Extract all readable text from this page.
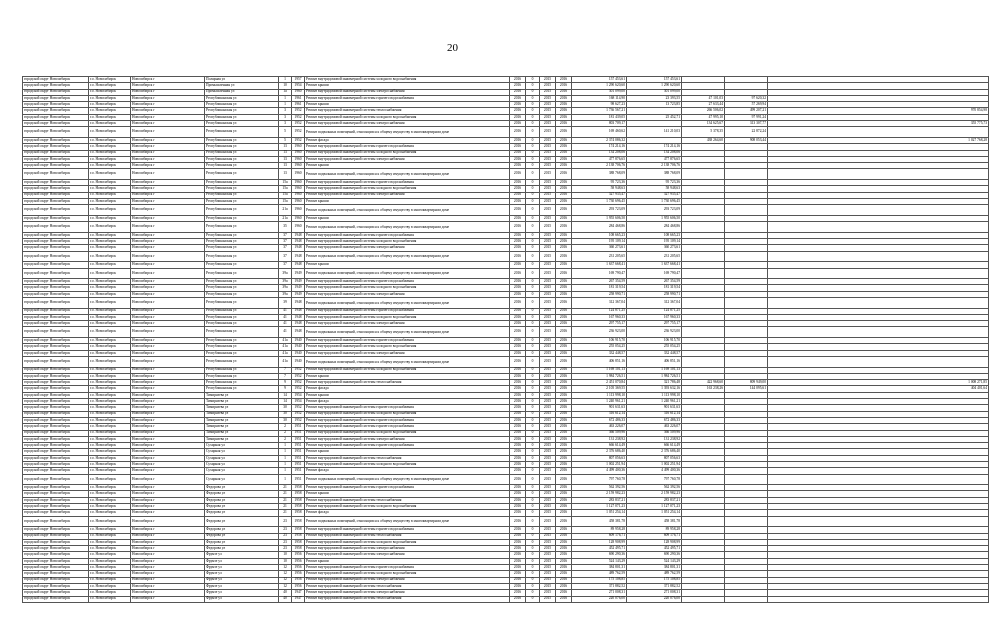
20
городской округ Новосибирск	г.о. Новосибирск	Новосибирск г	Полярная ул	1	1957	Ремонт внутридомовой инженерной системы холодного водоснабжения	2016	0	2015	2016	157 453,61	157 453,61			
городской округ Новосибирск	г.о. Новосибирск	Новосибирск г	Промышленная ул	10	1954	Ремонт крыши	2016	0	2015	2016	1 290 620,60	1 290 620,60			
городской округ Новосибирск	г.о. Новосибирск	Новосибирск г	Промышленная ул	1а	1960	Ремонт внутридомовой инженерной системы электроснабжения	2016	0	2015	2016	301 099,00	301 099,00			
городской округ Новосибирск	г.о. Новосибирск	Новосибирск г	Республиканская ул	1	1961	Ремонт внутридомовой инженерной системы горячего водоснабжения	2016	0	2015	2016	168 114,90	23 393,55	47 101,03	97 620,32	
городской округ Новосибирск	г.о. Новосибирск	Новосибирск г	Республиканская ул	1	1961	Ремонт крыши	2016	0	2015	2016	98 627,23	13 723,85	27 633,44	57 269,94	
городской округ Новосибирск	г.о. Новосибирск	Новосибирск г	Республиканская ул	3	1952	Ремонт внутридомовой инженерной системы теплоснабжения	2016	0	2015	2016	1 736 567,21		266 506,02	499 207,21	970 854,98
городской округ Новосибирск	г.о. Новосибирск	Новосибирск г	Республиканская ул	3	1952	Ремонт внутридомовой инженерной системы холодного водоснабжения	2016	0	2015	2016	181 439,05	25 452,71	47 995,10	97 991,24	
городской округ Новосибирск	г.о. Новосибирск	Новосибирск г	Республиканская ул	3	1952	Ремонт внутридомовой инженерной системы электроснабжения	2016	0	2015	2016	803 709,17		134 625,67	313 307,77	355 775,73
городской округ Новосибирск	г.о. Новосибирск	Новосибирск г	Республиканская ул	5	1952	Ремонт подвальных помещений, относящихся к общему имуществу в многоквартирном доме	2016	0	2015	2016	169 460,62	141 210,03	5 378,35	22 872,24	
городской округ Новосибирск	г.о. Новосибирск	Новосибирск г	Республиканская ул	5	1952	Ремонт фасада	2016	0	2015	2016	2 374 086,32		438 264,60	908 053,44	1 027 768,28
городской округ Новосибирск	г.о. Новосибирск	Новосибирск г	Республиканская ул	13	1960	Ремонт внутридомовой инженерной системы горячего водоснабжения	2016	0	2015	2016	174 214,16	174 214,16			
городской округ Новосибирск	г.о. Новосибирск	Новосибирск г	Республиканская ул	13	1960	Ремонт внутридомовой инженерной системы холодного водоснабжения	2016	0	2015	2016	134 208,06	134 208,06			
городской округ Новосибирск	г.о. Новосибирск	Новосибирск г	Республиканская ул	13	1960	Ремонт внутридомовой инженерной системы электроснабжения	2016	0	2015	2016	477 876,65	477 876,65			
городской округ Новосибирск	г.о. Новосибирск	Новосибирск г	Республиканская ул	13	1960	Ремонт крыши	2016	0	2015	2016	2 138 706,76	2 138 706,76			
городской округ Новосибирск	г.о. Новосибирск	Новосибирск г	Республиканская ул	13	1960	Ремонт подвальных помещений, относящихся к общему имуществу в многоквартирном доме	2016	0	2015	2016	388 768,09	388 768,09			
городской округ Новосибирск	г.о. Новосибирск	Новосибирск г	Республиканская ул	15а	1960	Ремонт внутридомовой инженерной системы горячего водоснабжения	2016	0	2015	2016	95 723,36	95 723,36			
городской округ Новосибирск	г.о. Новосибирск	Новосибирск г	Республиканская ул	15а	1960	Ремонт внутридомовой инженерной системы холодного водоснабжения	2016	0	2015	2016	58 948,63	58 948,63			
городской округ Новосибирск	г.о. Новосибирск	Новосибирск г	Республиканская ул	15а	1960	Ремонт внутридомовой инженерной системы электроснабжения	2016	0	2015	2016	327 935,47	327 935,47			
городской округ Новосибирск	г.о. Новосибирск	Новосибирск г	Республиканская ул	15а	1960	Ремонт крыши	2016	0	2015	2016	1 730 696,45	1 730 696,45			
городской округ Новосибирск	г.о. Новосибирск	Новосибирск г	Республиканская ул	21а	1960	Ремонт подвальных помещений, относящихся к общему имуществу в многоквартирном доме	2016	0	2015	2016	293 723,09	293 723,09			
городской округ Новосибирск	г.о. Новосибирск	Новосибирск г	Республиканская ул	21а	1960	Ремонт крыши	2016	0	2015	2016	1 955 606,50	1 955 606,50			
городской округ Новосибирск	г.о. Новосибирск	Новосибирск г	Республиканская ул	35	1960	Ремонт подвальных помещений, относящихся к общему имуществу в многоквартирном доме	2016	0	2015	2016	284 468,86	284 468,86			
городской округ Новосибирск	г.о. Новосибирск	Новосибирск г	Республиканская ул	37	1948	Ремонт внутридомовой инженерной системы горячего водоснабжения	2016	0	2015	2016	108 665,23	108 665,23			
городской округ Новосибирск	г.о. Новосибирск	Новосибирск г	Республиканская ул	37	1948	Ремонт внутридомовой инженерной системы холодного водоснабжения	2016	0	2015	2016	195 109,14	195 109,14			
городской округ Новосибирск	г.о. Новосибирск	Новосибирск г	Республиканская ул	37	1948	Ремонт внутридомовой инженерной системы электроснабжения	2016	0	2015	2016	360 273,61	360 273,61			
городской округ Новосибирск	г.о. Новосибирск	Новосибирск г	Республиканская ул	37	1948	Ремонт подвальных помещений, относящихся к общему имуществу в многоквартирном доме	2016	0	2015	2016	231 205,65	231 205,65			
городской округ Новосибирск	г.о. Новосибирск	Новосибирск г	Республиканская ул	37	1948	Ремонт крыши	2016	0	2015	2016	1 637 668,41	1 637 668,41			
городской округ Новосибирск	г.о. Новосибирск	Новосибирск г	Республиканская ул	39а	1949	Ремонт подвальных помещений, относящихся к общему имуществу в многоквартирном доме	2016	0	2015	2016	169 790,47	169 790,47			
городской округ Новосибирск	г.о. Новосибирск	Новосибирск г	Республиканская ул	39а	1949	Ремонт внутридомовой инженерной системы горячего водоснабжения	2016	0	2015	2016	267 354,59	267 354,59			
городской округ Новосибирск	г.о. Новосибирск	Новосибирск г	Республиканская ул	39а	1949	Ремонт внутридомовой инженерной системы холодного водоснабжения	2016	0	2015	2016	181 319,54	181 319,54			
городской округ Новосибирск	г.о. Новосибирск	Новосибирск г	Республиканская ул	39а	1949	Ремонт внутридомовой инженерной системы электроснабжения	2016	0	2015	2016	258 990,71	258 990,71			
городской округ Новосибирск	г.о. Новосибирск	Новосибирск г	Республиканская ул	39	1948	Ремонт подвальных помещений, относящихся к общему имуществу в многоквартирном доме	2016	0	2015	2016	312 367,04	312 367,04			
городской округ Новосибирск	г.о. Новосибирск	Новосибирск г	Республиканская ул	41	1948	Ремонт внутридомовой инженерной системы горячего водоснабжения	2016	0	2015	2016	124 871,25	124 871,25			
городской округ Новосибирск	г.о. Новосибирск	Новосибирск г	Республиканская ул	41	1948	Ремонт внутридомовой инженерной системы холодного водоснабжения	2016	0	2015	2016	167 960,33	167 960,33			
городской округ Новосибирск	г.о. Новосибирск	Новосибирск г	Республиканская ул	41	1948	Ремонт внутридомовой инженерной системы электроснабжения	2016	0	2015	2016	297 755,17	297 755,17			
городской округ Новосибирск	г.о. Новосибирск	Новосибирск г	Республиканская ул	41	1948	Ремонт подвальных помещений, относящихся к общему имуществу в многоквартирном доме	2016	0	2015	2016	236 923,00	236 923,00			
городской округ Новосибирск	г.о. Новосибирск	Новосибирск г	Республиканская ул	41а	1940	Ремонт внутридомовой инженерной системы горячего водоснабжения	2016	0	2015	2016	106 915,70	106 915,70			
городской округ Новосибирск	г.о. Новосибирск	Новосибирск г	Республиканская ул	41а	1940	Ремонт внутридомовой инженерной системы холодного водоснабжения	2016	0	2015	2016	255 054,25	255 054,25			
городской округ Новосибирск	г.о. Новосибирск	Новосибирск г	Республиканская ул	41а	1940	Ремонт внутридомовой инженерной системы электроснабжения	2016	0	2015	2016	332 448,57	332 448,57			
городской округ Новосибирск	г.о. Новосибирск	Новосибирск г	Республиканская ул	41а	1940	Ремонт подвальных помещений, относящихся к общему имуществу в многоквартирном доме	2016	0	2015	2016	406 851,16	406 851,16			
городской округ Новосибирск	г.о. Новосибирск	Новосибирск г	Республиканская ул	7	1952	Ремонт внутридомовой инженерной системы холодного водоснабжения	2016	0	2015	2016	1 169 101,13	1 169 101,13			
городской округ Новосибирск	г.о. Новосибирск	Новосибирск г	Республиканская ул	7	1952	Ремонт крыши	2016	0	2015	2016	1 984 726,51	1 984 726,51			
городской округ Новосибирск	г.о. Новосибирск	Новосибирск г	Республиканская ул	9	1952	Ремонт внутридомовой инженерной системы теплоснабжения	2016	0	2015	2016	2 451 070,84	321 786,48	422 968,60	809 949,00	1 008 271,85
городской округ Новосибирск	г.о. Новосибирск	Новосибирск г	Республиканская ул	9	1952	Ремонт фасада	2016	0	2015	2016	2 105 369,55	1 393 632,16	163 238,26	144 095,61	404 401,64
городской округ Новосибирск	г.о. Новосибирск	Новосибирск г	Тимирязева ул	14	1954	Ремонт крыши	2016	0	2015	2016	1 113 998,10	1 113 998,10			
городской округ Новосибирск	г.о. Новосибирск	Новосибирск г	Тимирязева ул	14	1954	Ремонт фасада	2016	0	2015	2016	1 240 961,21	1 240 961,21			
городской округ Новосибирск	г.о. Новосибирск	Новосибирск г	Тимирязева ул	30	1952	Ремонт внутридомовой инженерной системы горячего водоснабжения	2016	0	2015	2016	901 631,63	901 631,63			
городской округ Новосибирск	г.о. Новосибирск	Новосибирск г	Тимирязева ул	30	1952	Ремонт внутридомовой инженерной системы холодного водоснабжения	2016	0	2015	2016	316 612,14	316 612,14			
городской округ Новосибирск	г.о. Новосибирск	Новосибирск г	Тимирязева ул	30	1952	Ремонт внутридомовой инженерной системы горячего водоснабжения	2016	0	2015	2016	672 486,33	672 486,33			
городской округ Новосибирск	г.о. Новосибирск	Новосибирск г	Тимирязева ул	2	1951	Ремонт внутридомовой инженерной системы горячего водоснабжения	2016	0	2015	2016	463 226,07	463 226,07			
городской округ Новосибирск	г.о. Новосибирск	Новосибирск г	Тимирязева ул	2	1951	Ремонт внутридомовой инженерной системы холодного водоснабжения	2016	0	2015	2016	366 509,96	366 509,96			
городской округ Новосибирск	г.о. Новосибирск	Новосибирск г	Тимирязева ул	2	1951	Ремонт внутридомовой инженерной системы электроснабжения	2016	0	2015	2016	131 238,92	131 238,92			
городской округ Новосибирск	г.о. Новосибирск	Новосибирск г	Сухарная ул	1	1951	Ремонт внутридомовой инженерной системы горячего водоснабжения	2016	0	2015	2016	666 614,49	666 614,49			
городской округ Новосибирск	г.о. Новосибирск	Новосибирск г	Сухарная ул	1	1951	Ремонт крыши	2016	0	2015	2016	2 376 686,40	2 376 686,40			
городской округ Новосибирск	г.о. Новосибирск	Новосибирск г	Сухарная ул	1	1951	Ремонт внутридомовой инженерной системы теплоснабжения	2016	0	2015	2016	807 056,63	807 056,63			
городской округ Новосибирск	г.о. Новосибирск	Новосибирск г	Сухарная ул	1	1951	Ремонт внутридомовой инженерной системы холодного водоснабжения	2016	0	2015	2016	1 002 251,94	1 002 251,94			
городской округ Новосибирск	г.о. Новосибирск	Новосибирск г	Сухарная ул	1	1951	Ремонт фасада	2016	0	2015	2016	4 499 400,36	4 499 400,36			
городской округ Новосибирск	г.о. Новосибирск	Новосибирск г	Сухарная ул	1	1951	Ремонт подвальных помещений, относящихся к общему имуществу в многоквартирном доме	2016	0	2015	2016	797 760,78	797 760,78			
городской округ Новосибирск	г.о. Новосибирск	Новосибирск г	Федорова ул	21	1958	Ремонт внутридомовой инженерной системы горячего водоснабжения	2016	0	2015	2016	562 392,56	562 392,56			
городской округ Новосибирск	г.о. Новосибирск	Новосибирск г	Федорова ул	21	1958	Ремонт крыши	2016	0	2015	2016	2 159 982,23	2 159 982,23			
городской округ Новосибирск	г.о. Новосибирск	Новосибирск г	Федорова ул	21	1958	Ремонт внутридомовой инженерной системы теплоснабжения	2016	0	2015	2016	283 837,21	283 837,21			
городской округ Новосибирск	г.о. Новосибирск	Новосибирск г	Федорова ул	21	1958	Ремонт внутридомовой инженерной системы холодного водоснабжения	2016	0	2015	2016	1 127 071,23	1 127 071,23			
городской округ Новосибирск	г.о. Новосибирск	Новосибирск г	Федорова ул	21	1958	Ремонт фасада	2016	0	2015	2016	1 051 254,14	1 051 254,14			
городской округ Новосибирск	г.о. Новосибирск	Новосибирск г	Федорова ул	23	1958	Ремонт подвальных помещений, относящихся к общему имуществу в многоквартирном доме	2016	0	2015	2016	458 381,78	458 381,78			
городской округ Новосибирск	г.о. Новосибирск	Новосибирск г	Федорова ул	23	1958	Ремонт внутридомовой инженерной системы горячего водоснабжения	2016	0	2015	2016	89 958,28	89 958,28			
городской округ Новосибирск	г.о. Новосибирск	Новосибирск г	Федорова ул	23	1958	Ремонт внутридомовой инженерной системы теплоснабжения	2016	0	2015	2016	609 176,71	609 176,71			
городской округ Новосибирск	г.о. Новосибирск	Новосибирск г	Федорова ул	23	1958	Ремонт внутридомовой инженерной системы холодного водоснабжения	2016	0	2015	2016	128 908,99	128 908,99			
городской округ Новосибирск	г.о. Новосибирск	Новосибирск г	Федорова ул	23	1958	Ремонт внутридомовой инженерной системы электроснабжения	2016	0	2015	2016	452 495,71	452 495,71			
городской округ Новосибирск	г.о. Новосибирск	Новосибирск г	Фрунзе ул	10	1956	Ремонт внутридомовой инженерной системы электроснабжения	2016	0	2015	2016	690 290,36	690 290,36			
городской округ Новосибирск	г.о. Новосибирск	Новосибирск г	Фрунзе ул	10	1956	Ремонт крыши	2016	0	2015	2016	524 143,29	524 143,29			
городской округ Новосибирск	г.о. Новосибирск	Новосибирск г	Фрунзе ул	12	1956	Ремонт внутридомовой инженерной системы горячего водоснабжения	2016	0	2015	2016	384 801,31	384 801,31			
городской округ Новосибирск	г.о. Новосибирск	Новосибирск г	Фрунзе ул	12	1956	Ремонт внутридомовой инженерной системы холодного водоснабжения	2016	0	2015	2016	489 762,59	489 762,59			
городской округ Новосибирск	г.о. Новосибирск	Новосибирск г	Фрунзе ул	12	1956	Ремонт внутридомовой инженерной системы электроснабжения	2016	0	2015	2016	175 108,85	175 108,85			
городской округ Новосибирск	г.о. Новосибирск	Новосибирск г	Фрунзе ул	12	1956	Ремонт внутридомовой инженерной системы теплоснабжения	2016	0	2015	2016	371 882,52	371 882,52			
городской округ Новосибирск	г.о. Новосибирск	Новосибирск г	Фрунзе ул	40	1947	Ремонт внутридомовой инженерной системы электроснабжения	2016	0	2015	2016	271 008,31	271 008,31			
городской округ Новосибирск	г.о. Новосибирск	Новосибирск г	Фрунзе ул	40	1947	Ремонт внутридомовой инженерной системы теплоснабжения	2016	0	2015	2016	220 076,00	220 076,00			
